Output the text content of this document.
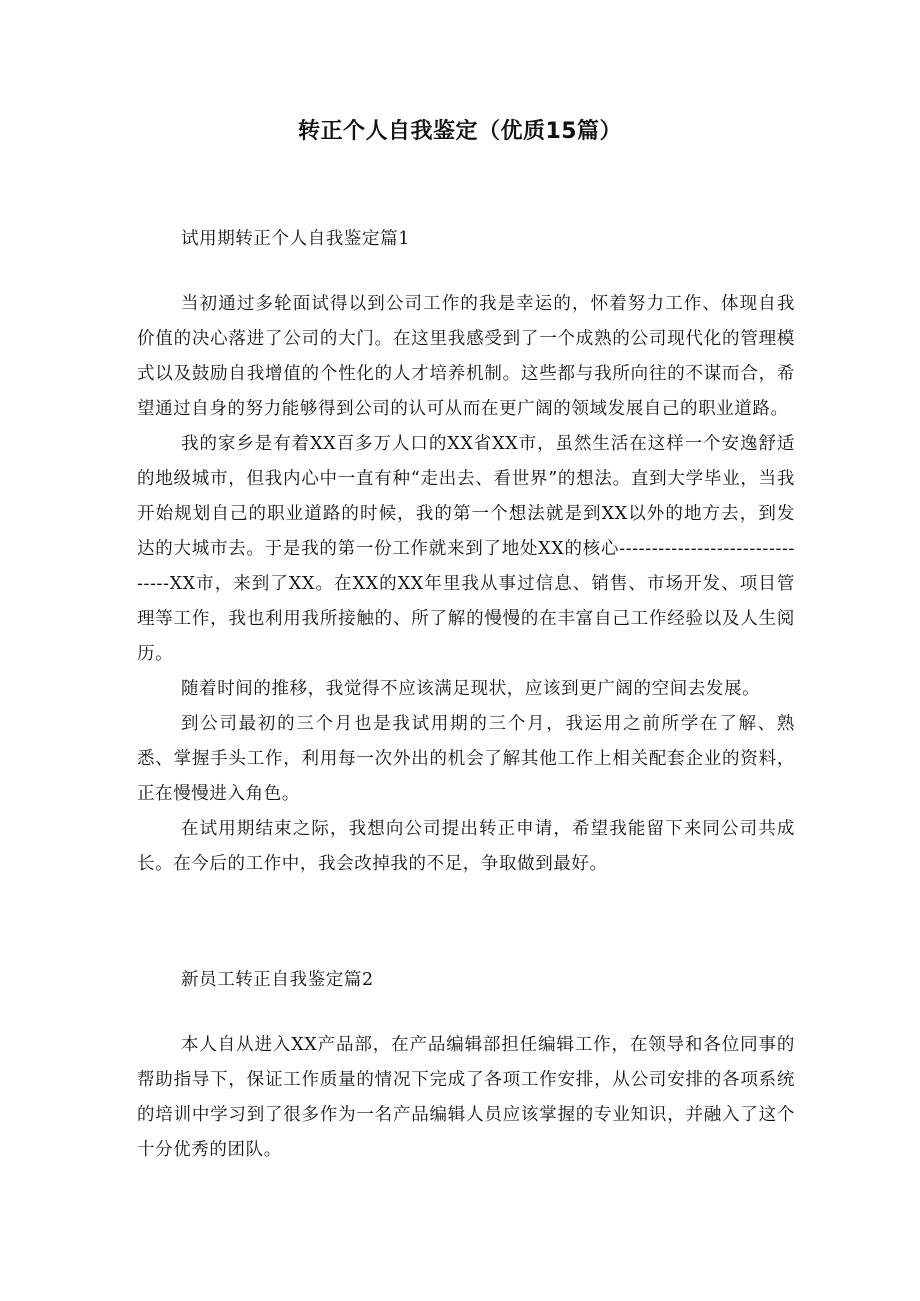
转正个人自我鉴定（优质15篇）

试用期转正个人自我鉴定篇1

当初通过多轮面试得以到公司工作的我是幸运的，怀着努力工作、体现自我价值的决心落进了公司的大门。在这里我感受到了一个成熟的公司现代化的管理模式以及鼓励自我增值的个性化的人才培养机制。这些都与我所向往的不谋而合，希望通过自身的努力能够得到公司的认可从而在更广阔的领域发展自己的职业道路。

我的家乡是有着XX百多万人口的XX省XX市，虽然生活在这样一个安逸舒适的地级城市，但我内心中一直有种“走出去、看世界”的想法。直到大学毕业，当我开始规划自己的职业道路的时候，我的第一个想法就是到XX以外的地方去，到发达的大城市去。于是我的第一份工作就来到了地处XX的核心--------------------------------XX市，来到了XX。在XX的XX年里我从事过信息、销售、市场开发、项目管理等工作，我也利用我所接触的、所了解的慢慢的在丰富自己工作经验以及人生阅历。

随着时间的推移，我觉得不应该满足现状，应该到更广阔的空间去发展。

到公司最初的三个月也是我试用期的三个月，我运用之前所学在了解、熟悉、掌握手头工作，利用每一次外出的机会了解其他工作上相关配套企业的资料，正在慢慢进入角色。

在试用期结束之际，我想向公司提出转正申请，希望我能留下来同公司共成长。在今后的工作中，我会改掉我的不足，争取做到最好。

新员工转正自我鉴定篇2

本人自从进入XX产品部，在产品编辑部担任编辑工作，在领导和各位同事的帮助指导下，保证工作质量的情况下完成了各项工作安排，从公司安排的各项系统的培训中学习到了很多作为一名产品编辑人员应该掌握的专业知识，并融入了这个十分优秀的团队。
